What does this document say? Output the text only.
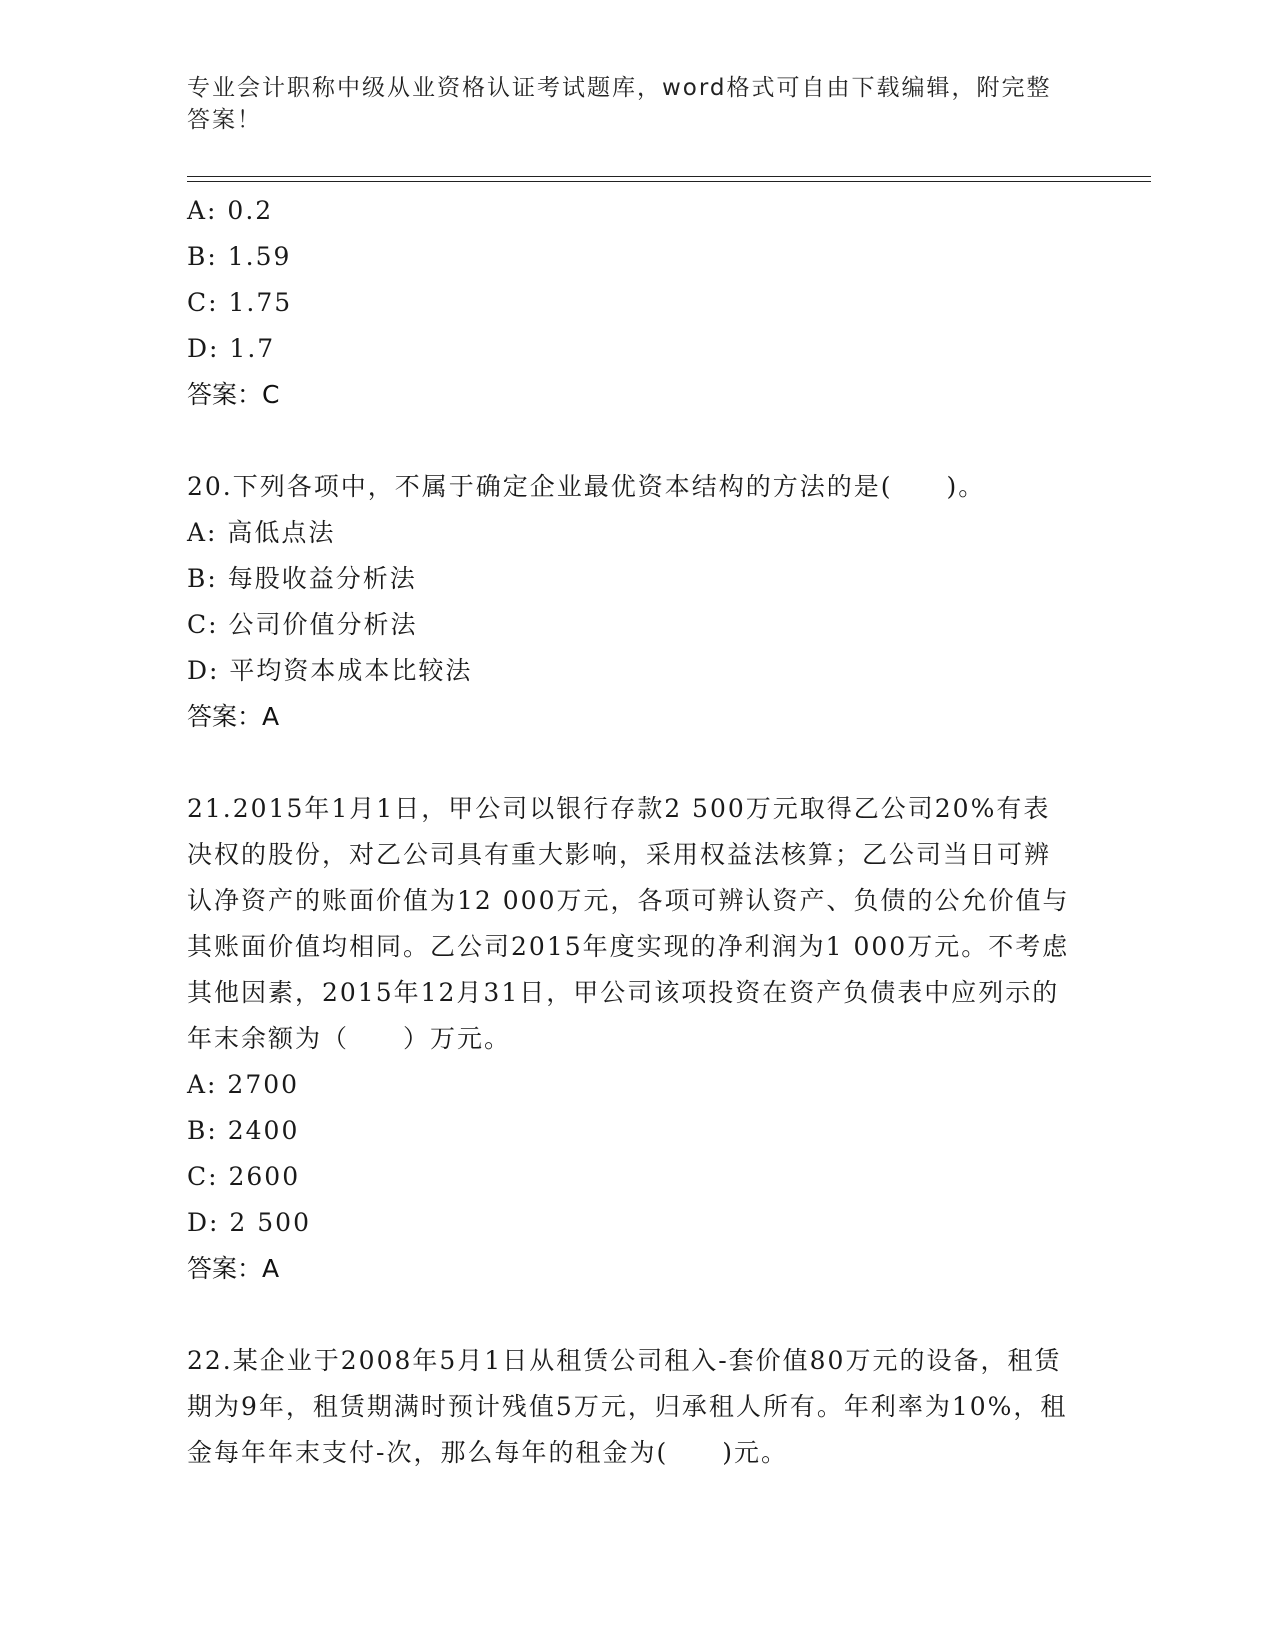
专业会计职称中级从业资格认证考试题库，word格式可自由下载编辑，附完整答案！
A: 0.2
B: 1.59
C: 1.75
D: 1.7
答案：C
20.下列各项中，不属于确定企业最优资本结构的方法的是(　　)。
A: 高低点法
B: 每股收益分析法
C: 公司价值分析法
D: 平均资本成本比较法
答案：A
21.2015年1月1日，甲公司以银行存款2 500万元取得乙公司20%有表决权的股份，对乙公司具有重大影响，采用权益法核算；乙公司当日可辨认净资产的账面价值为12 000万元，各项可辨认资产、负债的公允价值与其账面价值均相同。乙公司2015年度实现的净利润为1 000万元。不考虑其他因素，2015年12月31日，甲公司该项投资在资产负债表中应列示的年末余额为（　　）万元。
A: 2700
B: 2400
C: 2600
D: 2 500
答案：A
22.某企业于2008年5月1日从租赁公司租入-套价值80万元的设备，租赁期为9年，租赁期满时预计残值5万元，归承租人所有。年利率为10%，租金每年年末支付-次，那么每年的租金为(　　)元。
